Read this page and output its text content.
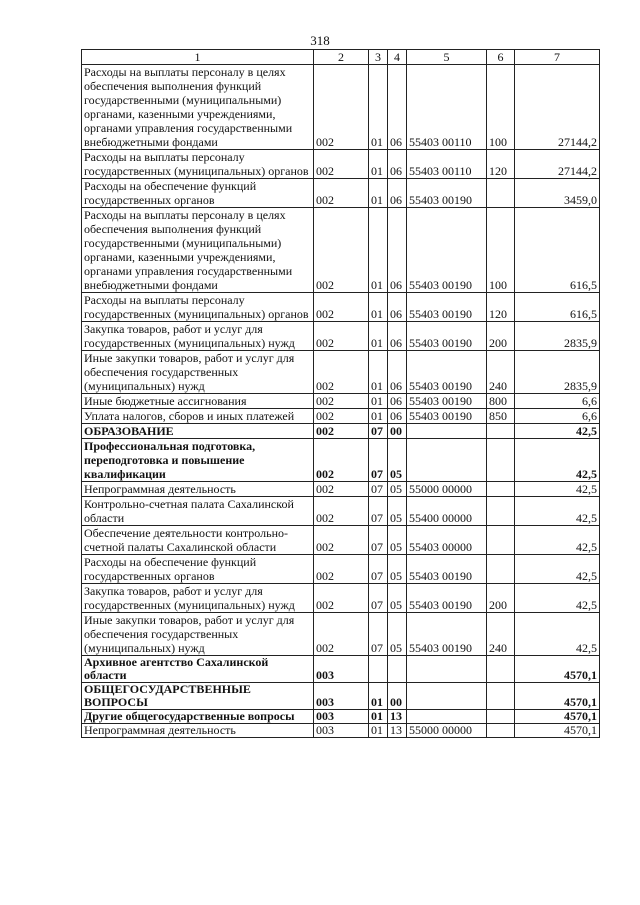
318
1	2	3	4	5	6	7
Расходы на выплаты персоналу в целях обеспечения выполнения функций государственными (муниципальными) органами, казенными учреждениями, органами управления государственными внебюджетными фондами	002	01	06	55403 00110	100	27144,2
Расходы на выплаты персоналу государственных (муниципальных) органов	002	01	06	55403 00110	120	27144,2
Расходы на обеспечение функций государственных органов	002	01	06	55403 00190		3459,0
Расходы на выплаты персоналу в целях обеспечения выполнения функций государственными (муниципальными) органами, казенными учреждениями, органами управления государственными внебюджетными фондами	002	01	06	55403 00190	100	616,5
Расходы на выплаты персоналу государственных (муниципальных) органов	002	01	06	55403 00190	120	616,5
Закупка товаров, работ и услуг для государственных (муниципальных) нужд	002	01	06	55403 00190	200	2835,9
Иные закупки товаров, работ и услуг для обеспечения государственных (муниципальных) нужд	002	01	06	55403 00190	240	2835,9
Иные бюджетные ассигнования	002	01	06	55403 00190	800	6,6
Уплата налогов, сборов и иных платежей	002	01	06	55403 00190	850	6,6
ОБРАЗОВАНИЕ	002	07	00			42,5
Профессиональная подготовка, переподготовка и повышение квалификации	002	07	05			42,5
Непрограммная деятельность	002	07	05	55000 00000		42,5
Контрольно-счетная палата Сахалинской области	002	07	05	55400 00000		42,5
Обеспечение деятельности контрольно-счетной палаты Сахалинской области	002	07	05	55403 00000		42,5
Расходы на обеспечение функций государственных органов	002	07	05	55403 00190		42,5
Закупка товаров, работ и услуг для государственных (муниципальных) нужд	002	07	05	55403 00190	200	42,5
Иные закупки товаров, работ и услуг для обеспечения государственных (муниципальных) нужд	002	07	05	55403 00190	240	42,5
Архивное агентство Сахалинской области	003					4570,1
ОБЩЕГОСУДАРСТВЕННЫЕ ВОПРОСЫ	003	01	00			4570,1
Другие общегосударственные вопросы	003	01	13			4570,1
Непрограммная деятельность	003	01	13	55000 00000		4570,1
